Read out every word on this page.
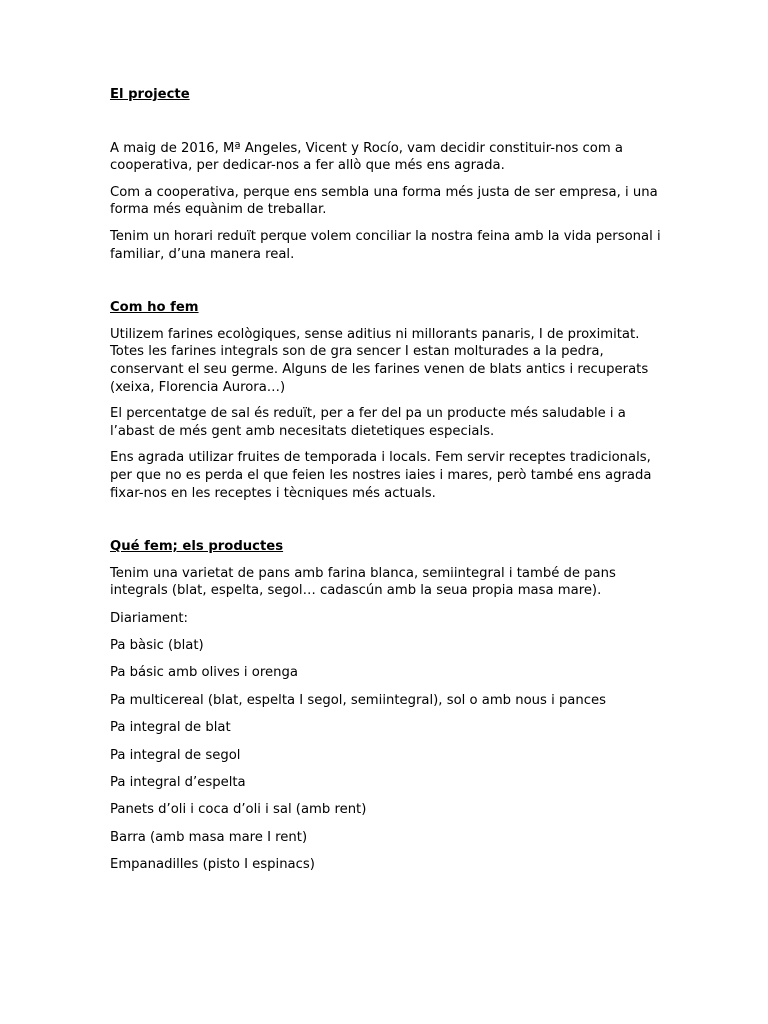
El projecte

A maig de 2016, Mª Angeles, Vicent y Rocío, vam decidir constituir-nos com a cooperativa, per dedicar-nos a fer allò que més ens agrada.

Com a cooperativa, perque ens sembla una forma més justa de ser empresa, i una forma més equànim de treballar.

Tenim un horari reduït perque volem conciliar la nostra feina amb la vida personal i familiar, d’una manera real.

Com ho fem

Utilizem farines ecològiques, sense aditius ni millorants panaris, I de proximitat. Totes les farines integrals son de gra sencer I estan molturades a la pedra, conservant el seu germe. Alguns de les farines venen de blats antics i recuperats (xeixa, Florencia Aurora…)

El percentatge de sal és reduït, per a fer del pa un producte més saludable i a l’abast de més gent amb necesitats dietetiques especials.

Ens agrada utilizar fruites de temporada i locals. Fem servir receptes tradicionals, per que no es perda el que feien les nostres iaies i mares, però també ens agrada fixar-nos en les receptes i tècniques més actuals.

Qué fem; els productes

Tenim una varietat de pans amb farina blanca, semiintegral i també de pans integrals (blat, espelta, segol… cadascún amb la seua propia masa mare).

Diariament:

Pa bàsic (blat)

Pa básic amb olives i orenga

Pa multicereal (blat, espelta I segol, semiintegral), sol o amb nous i pances

Pa integral de blat

Pa integral de segol

Pa integral d’espelta

Panets d’oli i coca d’oli i sal (amb rent)

Barra (amb masa mare I rent)

Empanadilles (pisto I espinacs)
